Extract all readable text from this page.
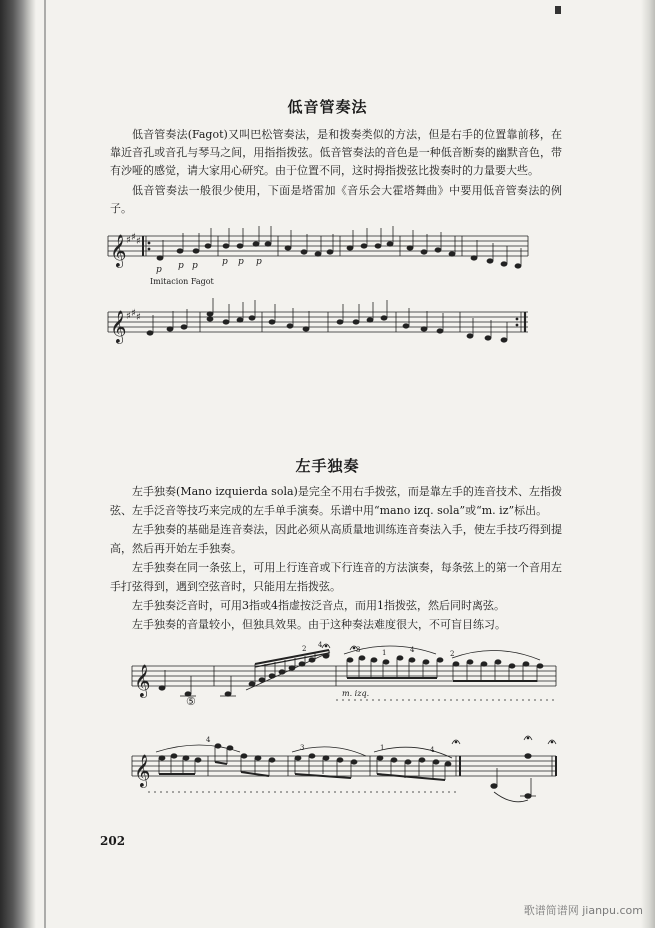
低音管奏法

低音管奏法(Fagot)又叫巴松管奏法，是和拨奏类似的方法，但是右手的位置靠前移，在靠近音孔或音孔与琴马之间，用指指拨弦。低音管奏法的音色是一种低音断奏的幽默音色，带有沙哑的感觉，请大家用心研究。由于位置不同，这时拇指拨弦比拨奏时的力量要大些。

低音管奏法一般很少使用，下面是塔雷加《音乐会大霍塔舞曲》中要用低音管奏法的例子。

左手独奏

左手独奏(Mano izquierda sola)是完全不用右手拨弦，而是靠左手的连音技术、左指拨弦、左手泛音等技巧来完成的左手单手演奏。乐谱中用“mano izq. sola”或“m. iz”标出。

左手独奏的基础是连音奏法，因此必须从高质量地训练连音奏法入手，使左手技巧得到提高，然后再开始左手独奏。

左手独奏在同一条弦上，可用上行连音或下行连音的方法演奏，每条弦上的第一个音用左手打弦得到，遇到空弦音时，只能用左指拨弦。

左手独奏泛音时，可用3指或4指虚按泛音点，而用1指拨弦，然后同时离弦。

左手独奏的音量较小，但独具效果。由于这种奏法难度很大，不可盲目练习。

𝄞 ♯ ♯ ♯
𝄞 ♯ ♯ ♯
𝄞
⑤
m. izq.
2 4
3	1	4	2
𝄞
4
3	1	4
p p p	p p p
Imitacion Fagot
202
歌谱简谱网 jianpu.com
